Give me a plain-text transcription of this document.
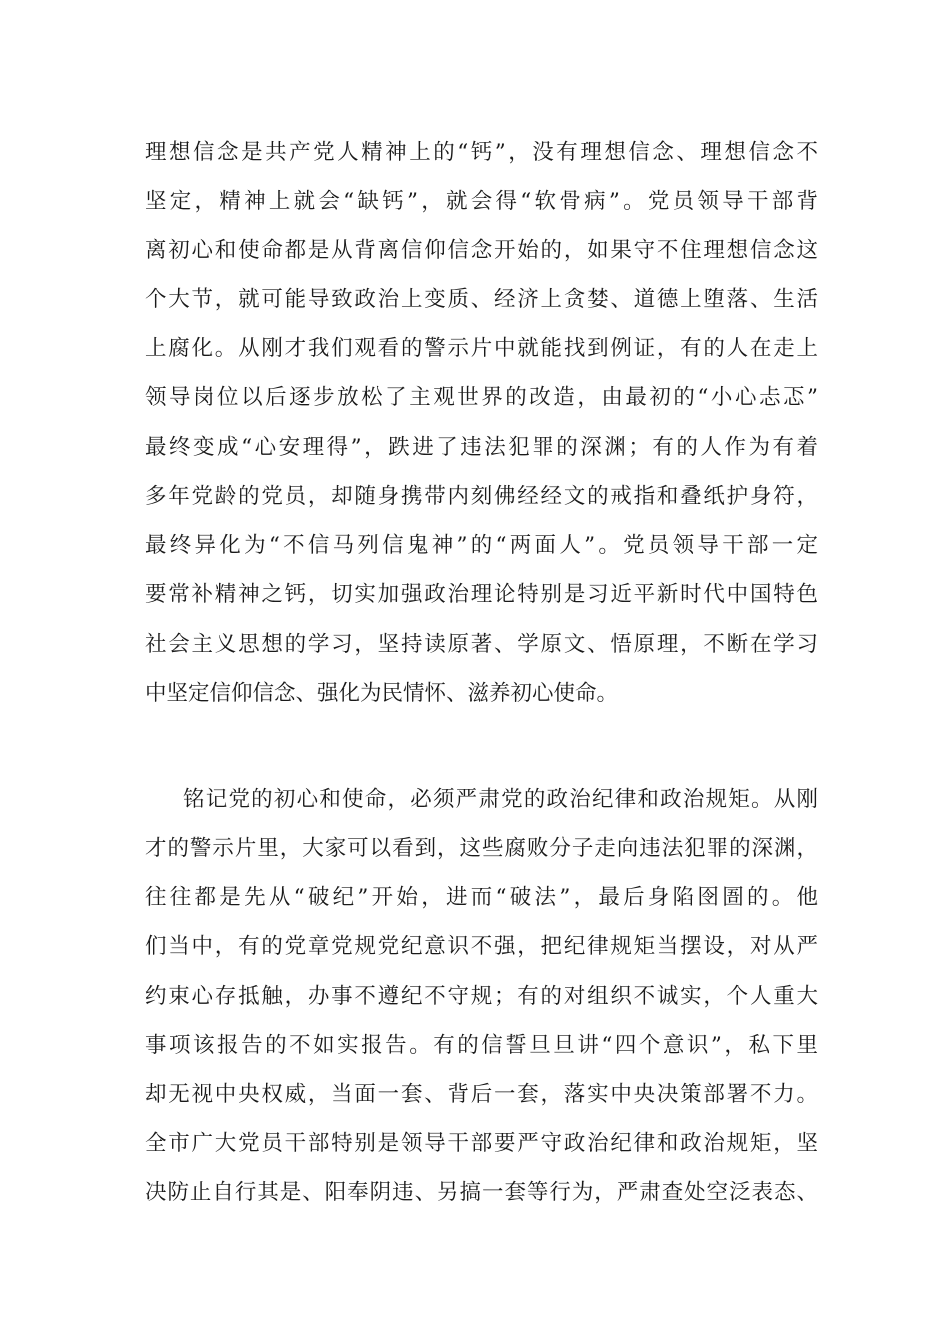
理想信念是共产党人精神上的“钙”，没有理想信念、理想信念不
坚定，精神上就会“缺钙”，就会得“软骨病”。党员领导干部背
离初心和使命都是从背离信仰信念开始的，如果守不住理想信念这
个大节，就可能导致政治上变质、经济上贪婪、道德上堕落、生活
上腐化。从刚才我们观看的警示片中就能找到例证，有的人在走上
领导岗位以后逐步放松了主观世界的改造，由最初的“小心忐忑”
最终变成“心安理得”，跌进了违法犯罪的深渊；有的人作为有着
多年党龄的党员，却随身携带内刻佛经经文的戒指和叠纸护身符，
最终异化为“不信马列信鬼神”的“两面人”。党员领导干部一定
要常补精神之钙，切实加强政治理论特别是习近平新时代中国特色
社会主义思想的学习，坚持读原著、学原文、悟原理，不断在学习
中坚定信仰信念、强化为民情怀、滋养初心使命。
铭记党的初心和使命，必须严肃党的政治纪律和政治规矩。从刚
才的警示片里，大家可以看到，这些腐败分子走向违法犯罪的深渊，
往往都是先从“破纪”开始，进而“破法”，最后身陷囹圄的。他
们当中，有的党章党规党纪意识不强，把纪律规矩当摆设，对从严
约束心存抵触，办事不遵纪不守规；有的对组织不诚实，个人重大
事项该报告的不如实报告。有的信誓旦旦讲“四个意识”，私下里
却无视中央权威，当面一套、背后一套，落实中央决策部署不力。
全市广大党员干部特别是领导干部要严守政治纪律和政治规矩，坚
决防止自行其是、阳奉阴违、另搞一套等行为，严肃查处空泛表态、
